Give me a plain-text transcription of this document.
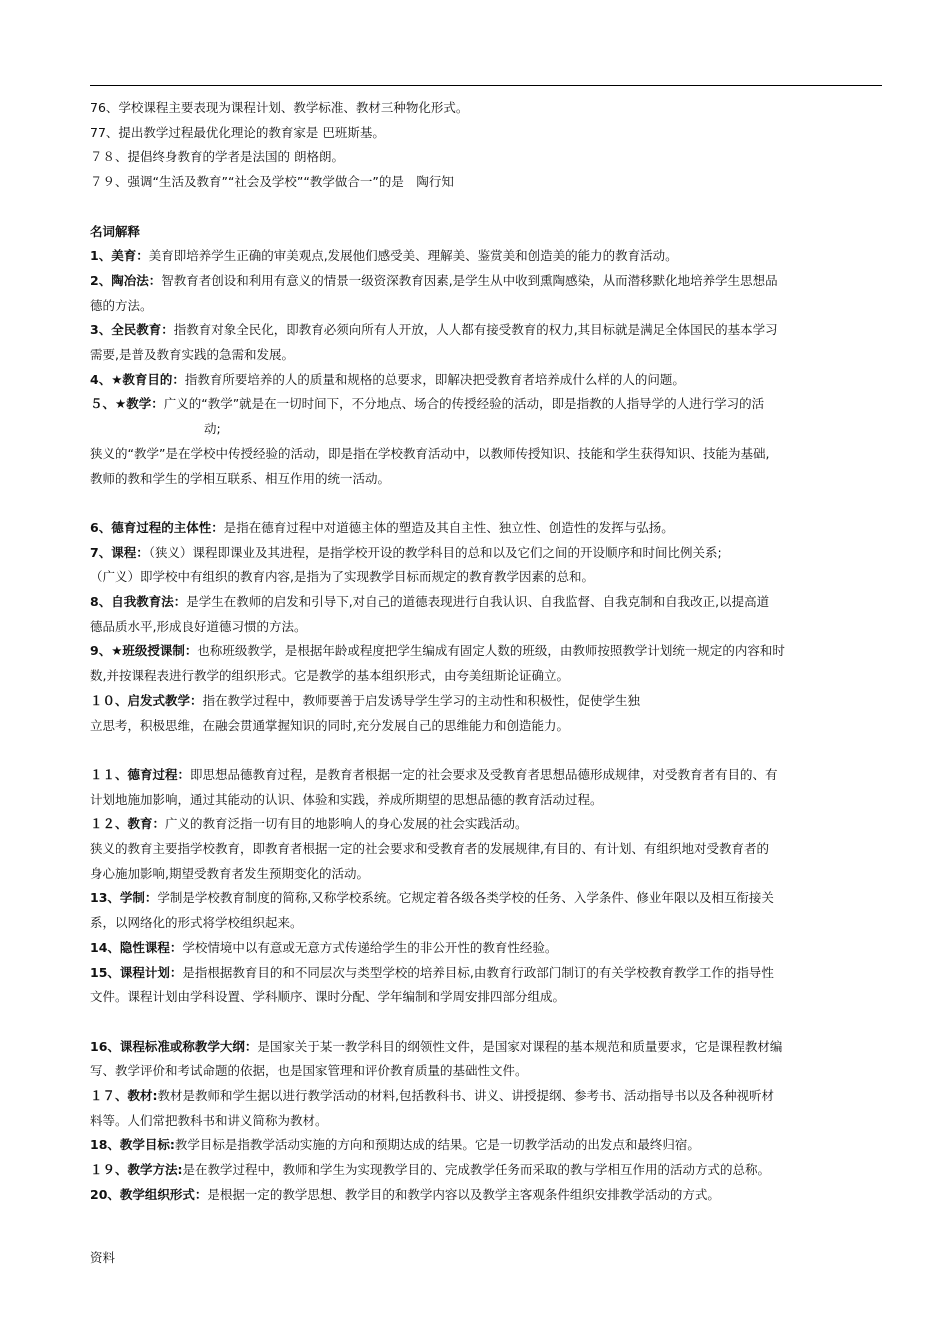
76、学校课程主要表现为课程计划、教学标准、教材三种物化形式。
77、提出教学过程最优化理论的教育家是 巴班斯基。
７８、提倡终身教育的学者是法国的 朗格朗。
７９、强调“生活及教育”“社会及学校”“教学做合一”的是　陶行知
名词解释
1、美育：美育即培养学生正确的审美观点,发展他们感受美、理解美、鉴赏美和创造美的能力的教育活动。
2、陶冶法：智教育者创设和利用有意义的情景一级资深教育因素,是学生从中收到熏陶感染，从而潜移默化地培养学生思想品
德的方法。
3、全民教育：指教育对象全民化，即教育必须向所有人开放，人人都有接受教育的权力,其目标就是满足全体国民的基本学习
需要,是普及教育实践的急需和发展。
4、★教育目的：指教育所要培养的人的质量和规格的总要求，即解决把受教育者培养成什么样的人的问题。
５、★教学：广义的“教学”就是在一切时间下，不分地点、场合的传授经验的活动，即是指教的人指导学的人进行学习的活
动;
狭义的“教学”是在学校中传授经验的活动，即是指在学校教育活动中，以教师传授知识、技能和学生获得知识、技能为基础,
教师的教和学生的学相互联系、相互作用的统一活动。
6、德育过程的主体性：是指在德育过程中对道德主体的塑造及其自主性、独立性、创造性的发挥与弘扬。
7、课程：（狭义）课程即课业及其进程，是指学校开设的教学科目的总和以及它们之间的开设顺序和时间比例关系;
（广义）即学校中有组织的教育内容,是指为了实现教学目标而规定的教育教学因素的总和。
8、自我教育法：是学生在教师的启发和引导下,对自己的道德表现进行自我认识、自我监督、自我克制和自我改正,以提高道
德品质水平,形成良好道德习惯的方法。
9、★班级授课制：也称班级教学，是根据年龄或程度把学生编成有固定人数的班级，由教师按照教学计划统一规定的内容和时
数,并按课程表进行教学的组织形式。它是教学的基本组织形式，由夸美纽斯论证确立。
１０、启发式教学：指在教学过程中，教师要善于启发诱导学生学习的主动性和积极性，促使学生独
立思考，积极思维，在融会贯通掌握知识的同时,充分发展自己的思维能力和创造能力。
１１、德育过程：即思想品德教育过程，是教育者根据一定的社会要求及受教育者思想品德形成规律，对受教育者有目的、有
计划地施加影响，通过其能动的认识、体验和实践，养成所期望的思想品德的教育活动过程。
１２、教育：广义的教育泛指一切有目的地影响人的身心发展的社会实践活动。
狭义的教育主要指学校教育，即教育者根据一定的社会要求和受教育者的发展规律,有目的、有计划、有组织地对受教育者的
身心施加影响,期望受教育者发生预期变化的活动。
13、学制：学制是学校教育制度的简称,又称学校系统。它规定着各级各类学校的任务、入学条件、修业年限以及相互衔接关
系，以网络化的形式将学校组织起来。
14、隐性课程：学校情境中以有意或无意方式传递给学生的非公开性的教育性经验。
15、课程计划：是指根据教育目的和不同层次与类型学校的培养目标,由教育行政部门制订的有关学校教育教学工作的指导性
文件。课程计划由学科设置、学科顺序、课时分配、学年编制和学周安排四部分组成。
16、课程标准或称教学大纲：是国家关于某一教学科目的纲领性文件，是国家对课程的基本规范和质量要求，它是课程教材编
写、教学评价和考试命题的依据，也是国家管理和评价教育质量的基础性文件。
１７、教材:教材是教师和学生据以进行教学活动的材料,包括教科书、讲义、讲授提纲、参考书、活动指导书以及各种视听材
料等。人们常把教科书和讲义简称为教材。
18、教学目标:教学目标是指教学活动实施的方向和预期达成的结果。它是一切教学活动的出发点和最终归宿。
１９、教学方法:是在教学过程中，教师和学生为实现教学目的、完成教学任务而采取的教与学相互作用的活动方式的总称。
20、教学组织形式：是根据一定的教学思想、教学目的和教学内容以及教学主客观条件组织安排教学活动的方式。
资料
